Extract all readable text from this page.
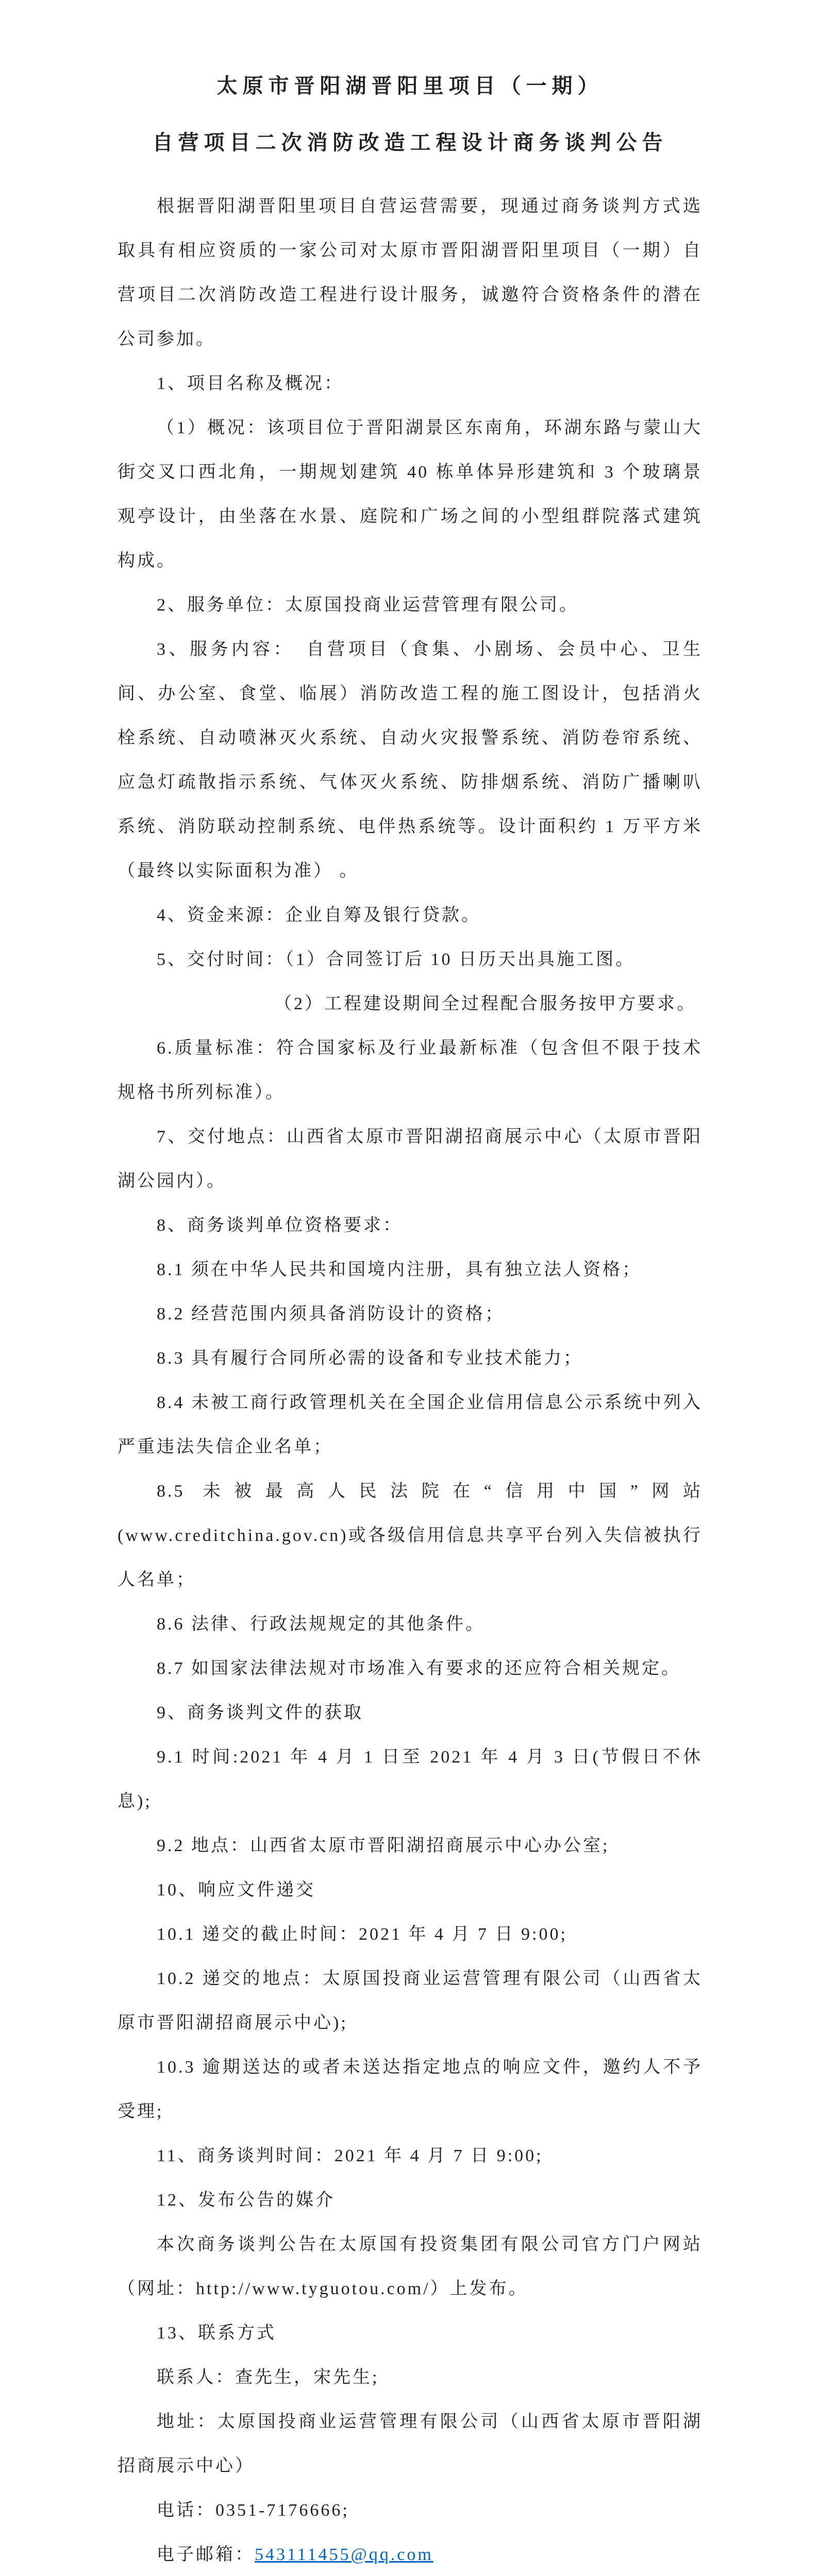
太原市晋阳湖晋阳里项目（一期）
自营项目二次消防改造工程设计商务谈判公告

根据晋阳湖晋阳里项目自营运营需要，现通过商务谈判方式选取具有相应资质的一家公司对太原市晋阳湖晋阳里项目（一期）自营项目二次消防改造工程进行设计服务，诚邀符合资格条件的潜在公司参加。

1、项目名称及概况：

（1）概况：该项目位于晋阳湖景区东南角，环湖东路与蒙山大街交叉口西北角，一期规划建筑 40 栋单体异形建筑和 3 个玻璃景观亭设计，由坐落在水景、庭院和广场之间的小型组群院落式建筑构成。

2、服务单位：太原国投商业运营管理有限公司。

3、服务内容：　自营项目（食集、小剧场、会员中心、卫生间、办公室、食堂、临展）消防改造工程的施工图设计，包括消火栓系统、自动喷淋灭火系统、自动火灾报警系统、消防卷帘系统、应急灯疏散指示系统、气体灭火系统、防排烟系统、消防广播喇叭系统、消防联动控制系统、电伴热系统等。设计面积约 1 万平方米（最终以实际面积为准） 。

4、资金来源：企业自筹及银行贷款。

5、交付时间：（1）合同签订后 10 日历天出具施工图。

（2）工程建设期间全过程配合服务按甲方要求。

6.质量标准：符合国家标及行业最新标准（包含但不限于技术规格书所列标准）。

7、交付地点：山西省太原市晋阳湖招商展示中心（太原市晋阳湖公园内）。

8、商务谈判单位资格要求：

8.1 须在中华人民共和国境内注册，具有独立法人资格；

8.2 经营范围内须具备消防设计的资格；

8.3 具有履行合同所必需的设备和专业技术能力；

8.4 未被工商行政管理机关在全国企业信用信息公示系统中列入严重违法失信企业名单；

8.5 未被最高人民法院在“信用中国”网站(www.creditchina.gov.cn)或各级信用信息共享平台列入失信被执行人名单；

8.6 法律、行政法规规定的其他条件。

8.7 如国家法律法规对市场准入有要求的还应符合相关规定。

9、商务谈判文件的获取

9.1 时间:2021 年 4 月 1 日至 2021 年 4 月 3 日(节假日不休息);

9.2 地点：山西省太原市晋阳湖招商展示中心办公室;

10、响应文件递交

10.1 递交的截止时间：2021 年 4 月 7 日 9:00;

10.2 递交的地点：太原国投商业运营管理有限公司（山西省太原市晋阳湖招商展示中心);

10.3 逾期送达的或者未送达指定地点的响应文件，邀约人不予受理;

11、商务谈判时间：2021 年 4 月 7 日 9:00;

12、发布公告的媒介

本次商务谈判公告在太原国有投资集团有限公司官方门户网站（网址：http://www.tyguotou.com/）上发布。

13、联系方式

联系人：查先生，宋先生;

地址：太原国投商业运营管理有限公司（山西省太原市晋阳湖招商展示中心）

电话：0351-7176666;

电子邮箱：543111455@qq.com
